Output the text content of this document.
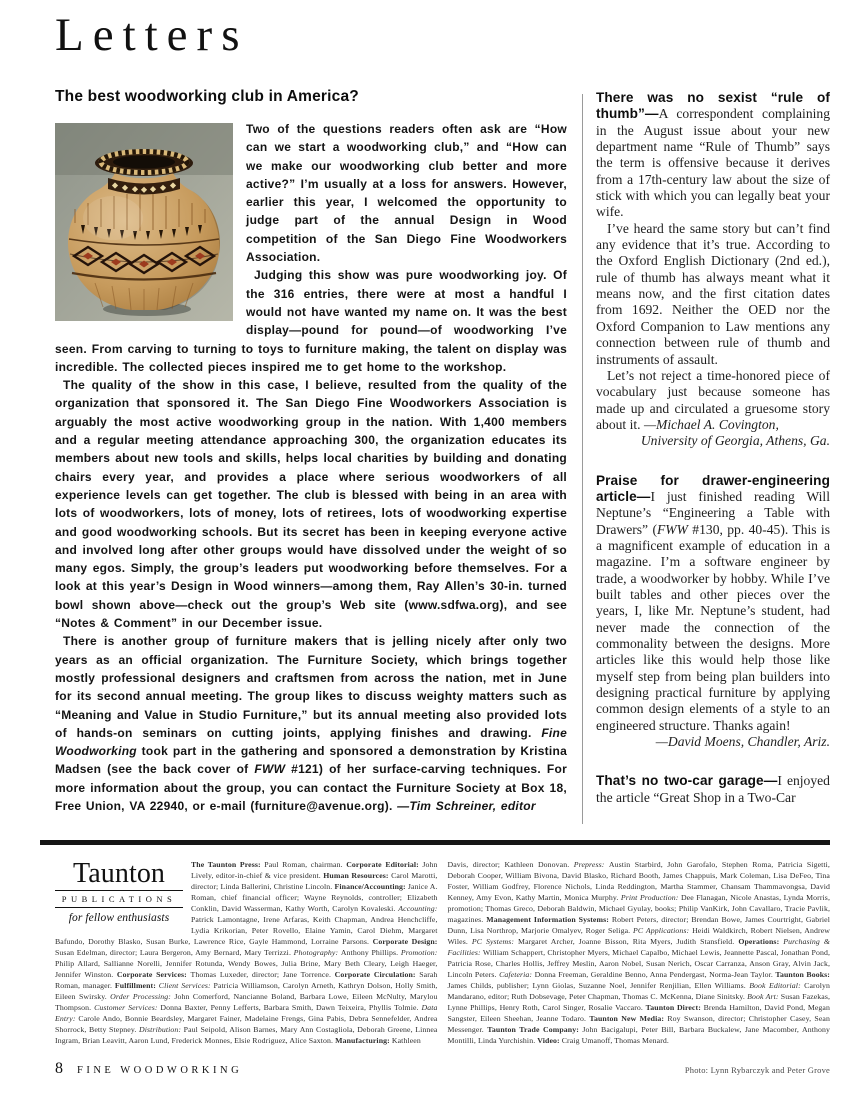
Letters
The best woodworking club in America?

Two of the questions readers often ask are “How can we start a woodworking club,” and “How can we make our woodworking club better and more active?” I’m usually at a loss for answers. However, earlier this year, I welcomed the opportunity to judge part of the annual Design in Wood competition of the San Diego Fine Woodworkers Association.

Judging this show was pure woodworking joy. Of the 316 entries, there were at most a handful I would not have wanted my name on. It was the best display—pound for pound—of woodworking I’ve seen. From carving to turning to toys to furniture making, the talent on display was incredible. The collected pieces inspired me to get home to the workshop.

The quality of the show in this case, I believe, resulted from the quality of the organization that sponsored it. The San Diego Fine Woodworkers Association is arguably the most active woodworking group in the nation. With 1,400 members and a regular meeting attendance approaching 300, the organization educates its members about new tools and skills, helps local charities by building and donating chairs every year, and provides a place where serious woodworkers of all experience levels can get together. The club is blessed with being in an area with lots of woodworkers, lots of money, lots of retirees, lots of woodworking expertise and good woodworking schools. But its secret has been in keeping everyone active and involved long after other groups would have dissolved under the weight of so many egos. Simply, the group’s leaders put woodworking before themselves. For a look at this year’s Design in Wood winners—among them, Ray Allen’s 30-in. turned bowl shown above—check out the group’s Web site (www.sdfwa.org), and see “Notes & Comment” in our December issue.

There is another group of furniture makers that is jelling nicely after only two years as an official organization. The Furniture Society, which brings together mostly professional designers and craftsmen from across the nation, met in June for its second annual meeting. The group likes to discuss weighty matters such as “Meaning and Value in Studio Furniture,” but its annual meeting also provided lots of hands-on seminars on cutting joints, applying finishes and drawing. Fine Woodworking took part in the gathering and sponsored a demonstration by Kristina Madsen (see the back cover of FWW #121) of her surface-carving techniques. For more information about the group, you can contact the Furniture Society at Box 18, Free Union, VA 22940, or e-mail (furniture@avenue.org). —Tim Schreiner, editor

There was no sexist “rule of thumb”—A correspondent complaining in the August issue about your new department name “Rule of Thumb” says the term is offensive because it derives from a 17th-century law about the size of stick with which you can legally beat your wife.

I’ve heard the same story but can’t find any evidence that it’s true. According to the Oxford English Dictionary (2nd ed.), rule of thumb has always meant what it means now, and the first citation dates from 1692. Neither the OED nor the Oxford Companion to Law mentions any connection between rule of thumb and instruments of assault.

Let’s not reject a time-honored piece of vocabulary just because someone has made up and circulated a gruesome story about it. —Michael A. Covington,

University of Georgia, Athens, Ga.

Praise for drawer-engineering article—I just finished reading Will Neptune’s “Engineering a Table with Drawers” (FWW #130, pp. 40-45). This is a magnificent example of education in a magazine. I’m a software engineer by trade, a woodworker by hobby. While I’ve built tables and other pieces over the years, I, like Mr. Neptune’s student, had never made the connection of the commonality between the designs. More articles like this would help those like myself step from being plan builders into designing practical furniture by applying common design elements of a style to an engineered structure. Thanks again!

—David Moens, Chandler, Ariz.

That’s no two-car garage—I enjoyed the article “Great Shop in a Two-Car

Taunton
PUBLICATIONS
for fellow enthusiasts
The Taunton Press: Paul Roman, chairman. Corporate Editorial: John Lively, editor-in-chief & vice president. Human Resources: Carol Marotti, director; Linda Ballerini, Christine Lincoln. Finance/Accounting: Janice A. Roman, chief financial officer; Wayne Reynolds, controller; Elizabeth Conklin, David Wasserman, Kathy Worth, Carolyn Kovaleski. Accounting: Patrick Lamontagne, Irene Arfaras, Keith Chapman, Andrea Henchcliffe, Lydia Krikorian, Peter Rovello, Elaine Yamin, Carol Diehm, Margaret Bafundo, Dorothy Blasko, Susan Burke, Lawrence Rice, Gayle Hammond, Lorraine Parsons. Corporate Design: Susan Edelman, director; Laura Bergeron, Amy Bernard, Mary Terrizzi. Photography: Anthony Phillips. Promotion: Philip Allard, Sallianne Norelli, Jennifer Rotunda, Wendy Bowes, Julia Brine, Mary Beth Cleary, Leigh Haeger, Jennifer Winston. Corporate Services: Thomas Luxeder, director; Jane Torrence. Corporate Circulation: Sarah Roman, manager. Fulfillment: Client Services: Patricia Williamson, Carolyn Arneth, Kathryn Dolson, Holly Smith, Eileen Swirsky. Order Processing: John Comerford, Nancianne Boland, Barbara Lowe, Eileen McNulty, Marylou Thompson. Customer Services: Donna Baxter, Penny Lefferts, Barbara Smith, Dawn Teixeira, Phyllis Tolmie. Data Entry: Carole Ando, Bonnie Beardsley, Margaret Fainer, Madelaine Frengs, Gina Pabis, Debra Sennefelder, Andrea Shorrock, Betty Stepney. Distribution: Paul Seipold, Alison Barnes, Mary Ann Costagliola, Deborah Greene, Linnea Ingram, Brian Leavitt, Aaron Lund, Frederick Monnes, Elsie Rodriguez, Alice Saxton. Manufacturing: Kathleen
Davis, director; Kathleen Donovan. Prepress: Austin Starbird, John Garofalo, Stephen Roma, Patricia Sigetti, Deborah Cooper, William Bivona, David Blasko, Richard Booth, James Chappuis, Mark Coleman, Lisa DeFeo, Tina Foster, William Godfrey, Florence Nichols, Linda Reddington, Martha Stammer, Chansam Thammavongsa, David Kenney, Amy Evon, Kathy Martin, Monica Murphy. Print Production: Dee Flanagan, Nicole Anastas, Lynda Morris, promotion; Thomas Greco, Deborah Baldwin, Michael Gyulay, books; Philip VanKirk, John Cavallaro, Tracie Pavlik, magazines. Management Information Systems: Robert Peters, director; Brendan Bowe, James Courtright, Gabriel Dunn, Lisa Northrop, Marjorie Omalyev, Roger Seliga. PC Applications: Heidi Waldkirch, Robert Nielsen, Andrew Wiles. PC Systems: Margaret Archer, Joanne Bisson, Rita Myers, Judith Stansfield. Operations: Purchasing & Facilities: William Schappert, Christopher Myers, Michael Capalbo, Michael Lewis, Jeannette Pascal, Jonathan Pond, Patricia Rose, Charles Hollis, Jeffrey Meslin, Aaron Nobel, Susan Nerich, Oscar Carranza, Anson Gray, Alvin Jack, Lincoln Peters. Cafeteria: Donna Freeman, Geraldine Benno, Anna Pendergast, Norma-Jean Taylor. Taunton Books: James Childs, publisher; Lynn Giolas, Suzanne Noel, Jennifer Renjilian, Ellen Williams. Book Editorial: Carolyn Mandarano, editor; Ruth Dobsevage, Peter Chapman, Thomas C. McKenna, Diane Sinitsky. Book Art: Susan Fazekas, Lynne Phillips, Henry Roth, Carol Singer, Rosalie Vaccaro. Taunton Direct: Brenda Hamilton, David Pond, Megan Sangster, Eileen Sheehan, Jeanne Todaro. Taunton New Media: Roy Swanson, director; Christopher Casey, Sean Messenger. Taunton Trade Company: John Bacigalupi, Peter Bill, Barbara Buckalew, Jane Macomber, Anthony Montilli, Linda Yurchishin. Video: Craig Umanoff, Thomas Menard.
8 FINE WOODWORKING	Photo: Lynn Rybarczyk and Peter Grove
